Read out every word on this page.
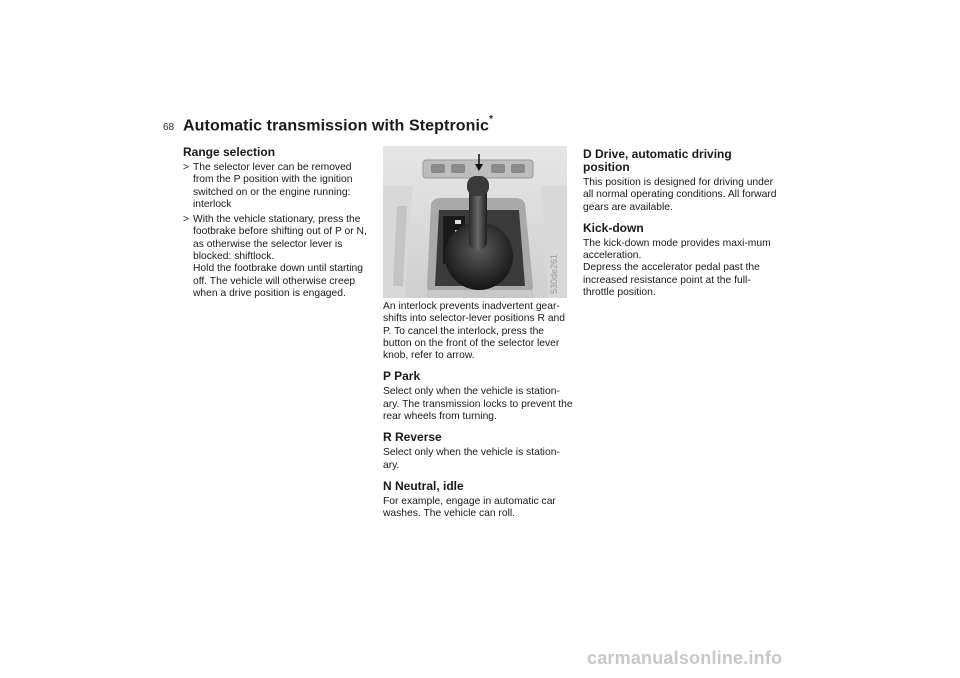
68 Automatic transmission with Steptronic*
Range selection
> The selector lever can be removed from the P position with the ignition switched on or the engine running: interlock
> With the vehicle stationary, press the footbrake before shifting out of P or N, as otherwise the selector lever is blocked: shiftlock.
Hold the footbrake down until starting off. The vehicle will otherwise creep when a drive position is engaged.	530de261

An interlock prevents inadvertent gear-shifts into selector-lever positions R and P. To cancel the interlock, press the button on the front of the selector lever knob, refer to arrow.

P Park

Select only when the vehicle is station-ary. The transmission locks to prevent the rear wheels from turning.

R Reverse

Select only when the vehicle is station-ary.

N Neutral, idle

For example, engage in automatic car washes. The vehicle can roll.

D Drive, automatic driving position

This position is designed for driving under all normal operating conditions. All forward gears are available.

Kick-down

The kick-down mode provides maxi-mum acceleration.

Depress the accelerator pedal past the increased resistance point at the full-throttle position.

carmanualsonline.info
